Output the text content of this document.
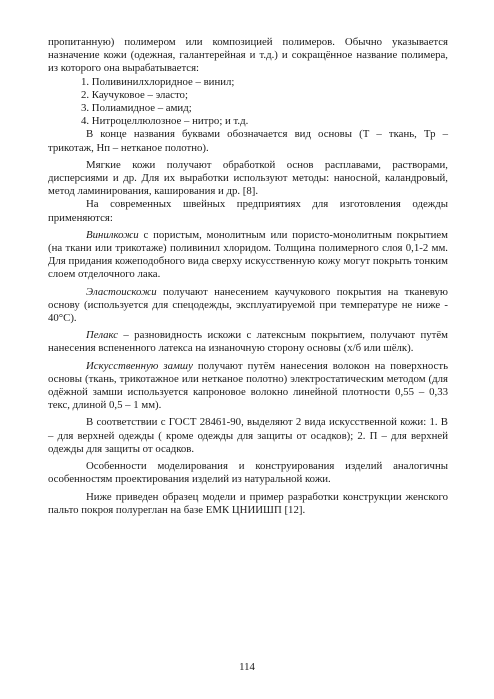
пропитанную) полимером или композицией полимеров. Обычно указывается назначение кожи (одежная, галантерейная и т.д.) и сокращённое название полимера, из которого она вырабатывается:

1. Поливинилхлоридное – винил;
2. Каучуковое – эласто;
3. Полиамидное – амид;
4. Нитроцеллюлозное – нитро; и т.д.

В конце названия буквами обозначается вид основы (Т – ткань, Тр – трикотаж, Нп – нетканое полотно).

Мягкие кожи получают обработкой основ расплавами, растворами, дисперсиями и др. Для их выработки используют методы: наносной, каландровый, метод ламинирования, каширования и др. [8].

На современных швейных предприятиях для изготовления одежды применяются:

Винилкожи с пористым, монолитным или пористо-монолитным покрытием (на ткани или трикотаже) поливинил хлоридом. Толщина полимерного слоя 0,1-2 мм. Для придания кожеподобного вида сверху искусственную кожу могут покрыть тонким слоем отделочного лака.

Эластоискожи получают нанесением каучукового покрытия на тканевую основу (используется для спецодежды, эксплуатируемой при температуре не ниже - 40°C).

Пелакс – разновидность искожи с латексным покрытием, получают путём нанесения вспененного латекса на изнаночную сторону основы (х/б или шёлк).

Искусственную замшу получают путём нанесения волокон на поверхность основы (ткань, трикотажное или нетканое полотно) электростатическим методом (для одёжной замши используется капроновое волокно линейной плотности 0,55 – 0,33 текс, длиной 0,5 – 1 мм).

В соответствии с ГОСТ 28461-90, выделяют 2 вида искусственной кожи: 1. В – для верхней одежды ( кроме одежды для защиты от осадков); 2. П – для верхней одежды для защиты от осадков.

Особенности моделирования и конструирования изделий аналогичны особенностям проектирования изделий из натуральной кожи.

Ниже приведен образец модели и пример разработки конструкции женского пальто покроя полуреглан на базе ЕМК ЦНИИШП [12].

114
